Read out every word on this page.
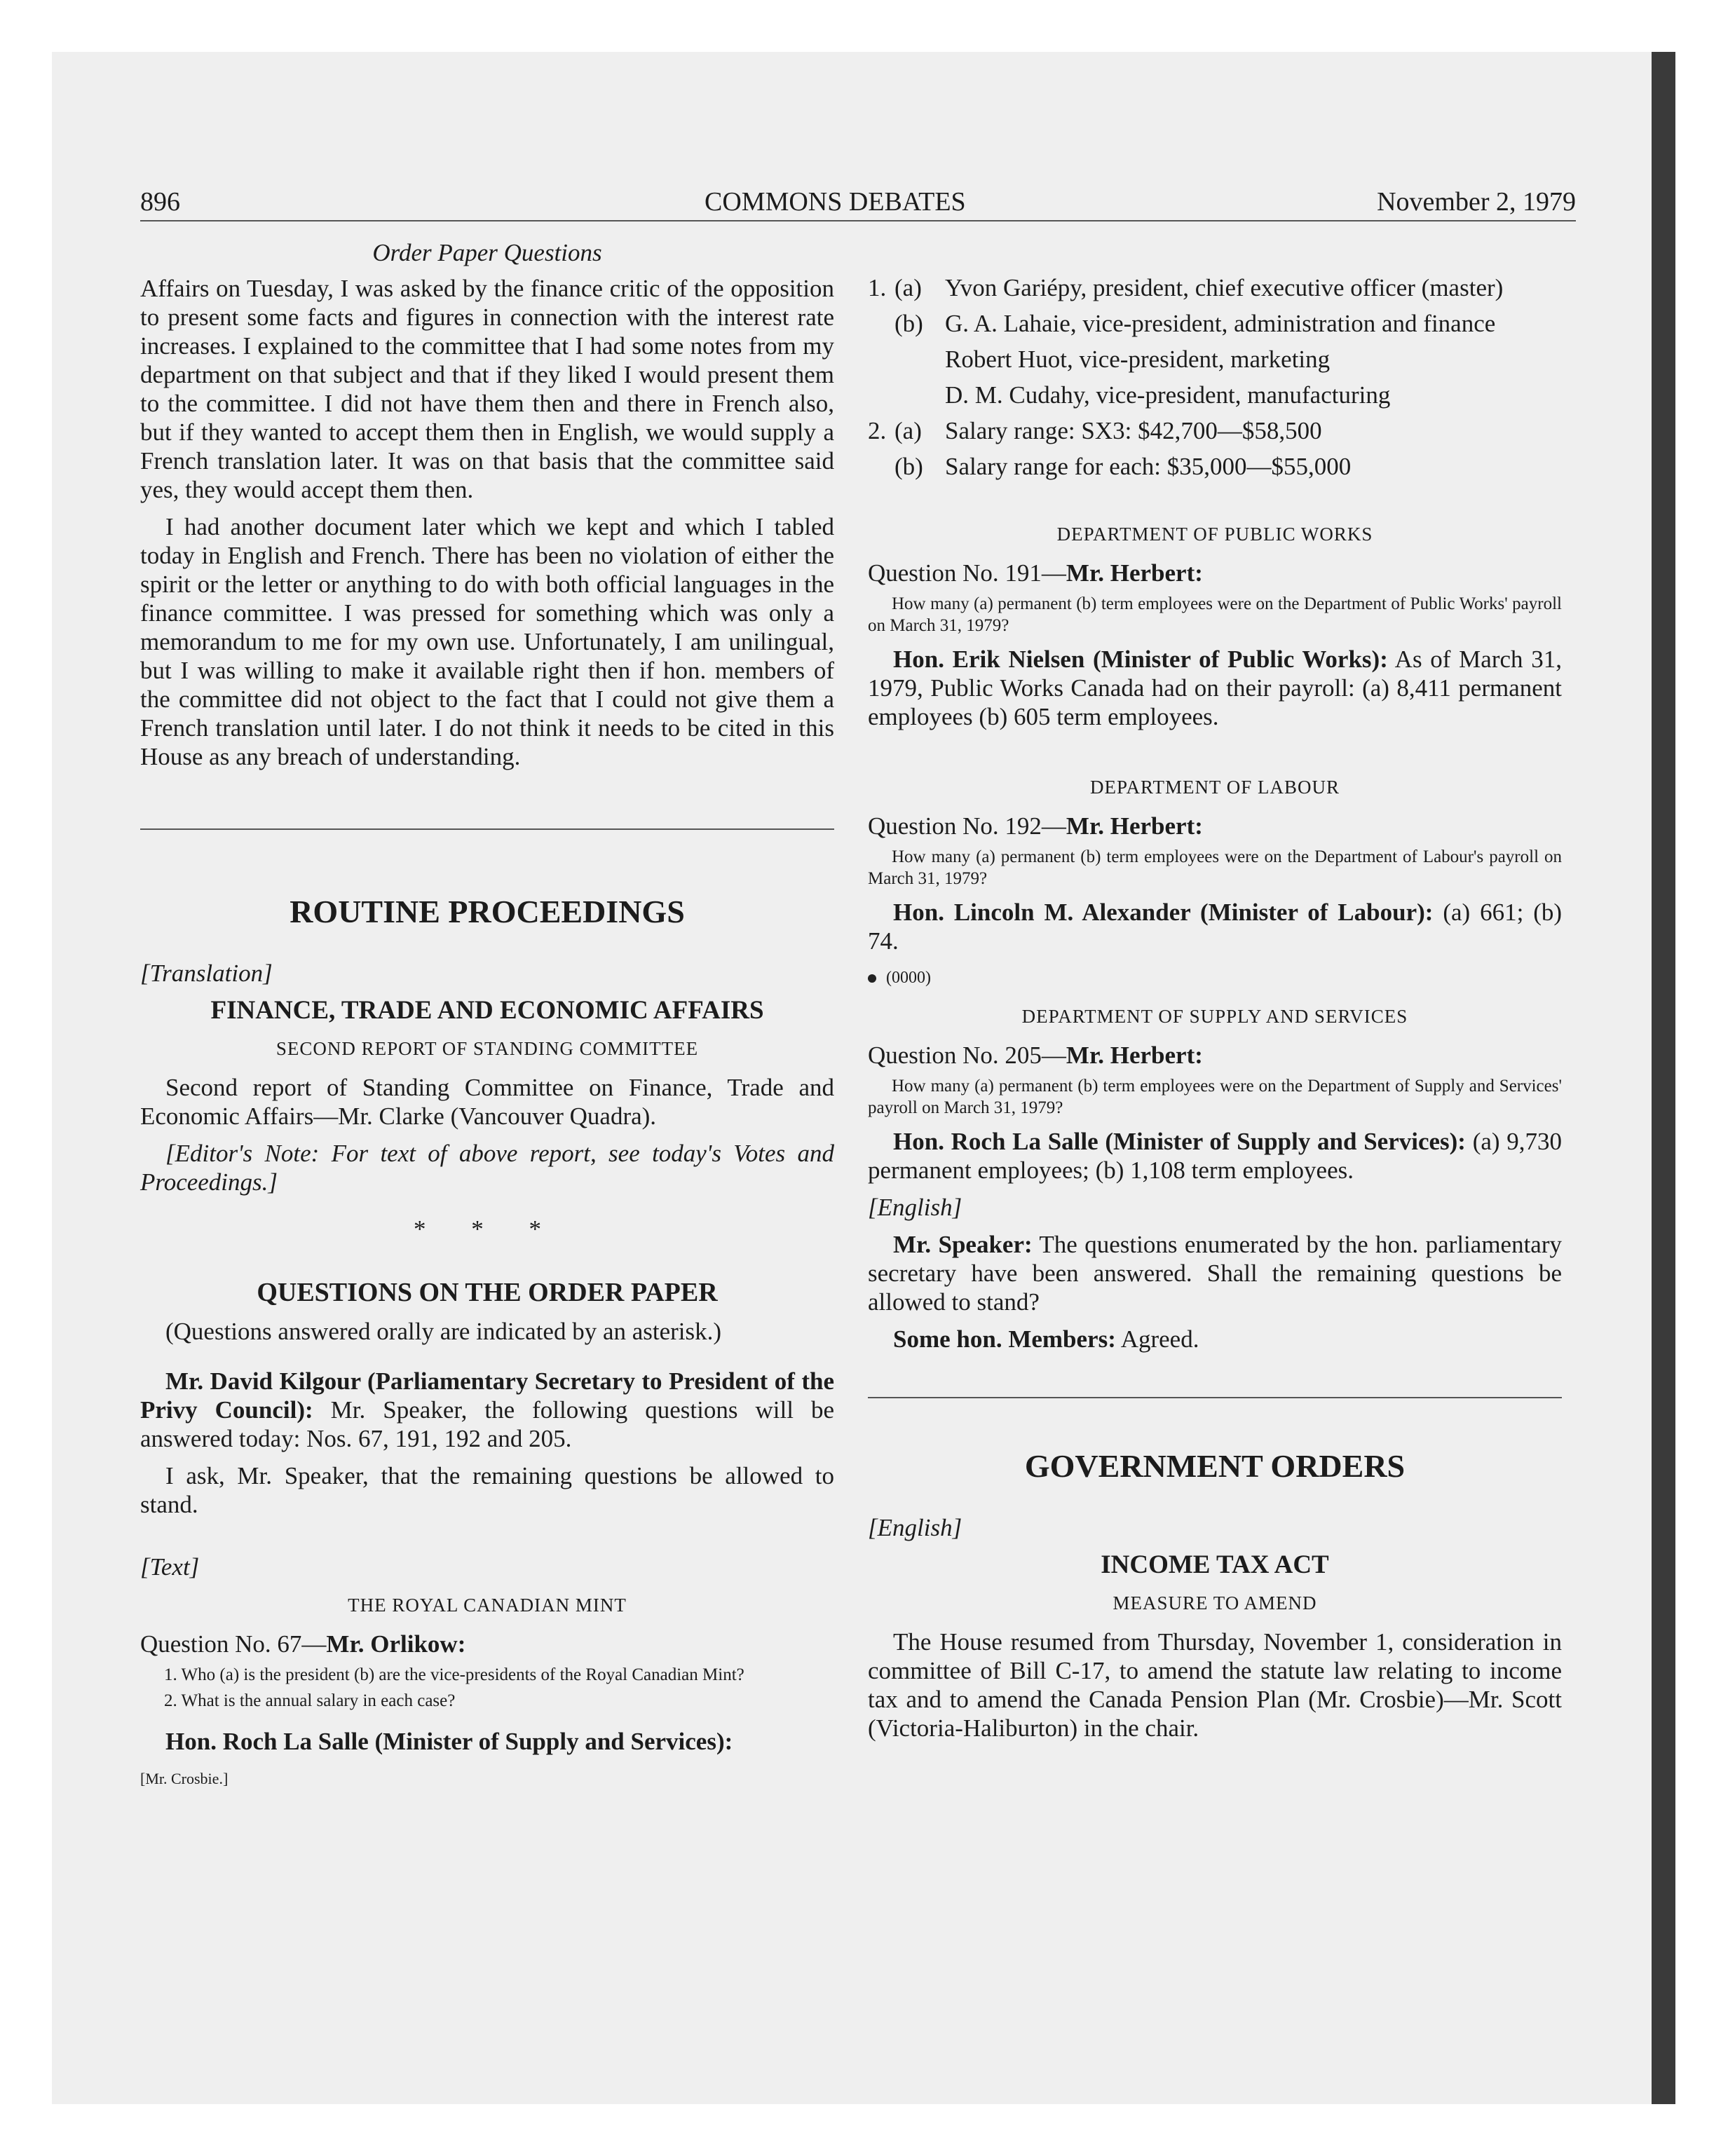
896	COMMONS DEBATES	November 2, 1979

Order Paper Questions

Affairs on Tuesday, I was asked by the finance critic of the opposition to present some facts and figures in connection with the interest rate increases. I explained to the committee that I had some notes from my department on that subject and that if they liked I would present them to the committee. I did not have them then and there in French also, but if they wanted to accept them then in English, we would supply a French translation later. It was on that basis that the committee said yes, they would accept them then.

I had another document later which we kept and which I tabled today in English and French. There has been no violation of either the spirit or the letter or anything to do with both official languages in the finance committee. I was pressed for something which was only a memorandum to me for my own use. Unfortunately, I am unilingual, but I was willing to make it available right then if hon. members of the committee did not object to the fact that I could not give them a French translation until later. I do not think it needs to be cited in this House as any breach of understanding.

ROUTINE PROCEEDINGS

[Translation]

FINANCE, TRADE AND ECONOMIC AFFAIRS
SECOND REPORT OF STANDING COMMITTEE

Second report of Standing Committee on Finance, Trade and Economic Affairs—Mr. Clarke (Vancouver Quadra).

[Editor's Note: For text of above report, see today's Votes and Proceedings.]

* * *
QUESTIONS ON THE ORDER PAPER

(Questions answered orally are indicated by an asterisk.)

Mr. David Kilgour (Parliamentary Secretary to President of the Privy Council): Mr. Speaker, the following questions will be answered today: Nos. 67, 191, 192 and 205.

I ask, Mr. Speaker, that the remaining questions be allowed to stand.

[Text]

THE ROYAL CANADIAN MINT

Question No. 67—Mr. Orlikow:

1. Who (a) is the president (b) are the vice-presidents of the Royal Canadian Mint?

2. What is the annual salary in each case?

Hon. Roch La Salle (Minister of Supply and Services):

[Mr. Crosbie.]

1. (a) Yvon Gariépy, president, chief executive officer (master)
(b) G. A. Lahaie, vice-president, administration and finance
Robert Huot, vice-president, marketing
D. M. Cudahy, vice-president, manufacturing
2. (a) Salary range: SX3: $42,700—$58,500
(b) Salary range for each: $35,000—$55,000
DEPARTMENT OF PUBLIC WORKS

Question No. 191—Mr. Herbert:

How many (a) permanent (b) term employees were on the Department of Public Works' payroll on March 31, 1979?

Hon. Erik Nielsen (Minister of Public Works): As of March 31, 1979, Public Works Canada had on their payroll: (a) 8,411 permanent employees (b) 605 term employees.

DEPARTMENT OF LABOUR

Question No. 192—Mr. Herbert:

How many (a) permanent (b) term employees were on the Department of Labour's payroll on March 31, 1979?

Hon. Lincoln M. Alexander (Minister of Labour): (a) 661; (b) 74.

(0000)
DEPARTMENT OF SUPPLY AND SERVICES

Question No. 205—Mr. Herbert:

How many (a) permanent (b) term employees were on the Department of Supply and Services' payroll on March 31, 1979?

Hon. Roch La Salle (Minister of Supply and Services): (a) 9,730 permanent employees; (b) 1,108 term employees.

[English]

Mr. Speaker: The questions enumerated by the hon. parliamentary secretary have been answered. Shall the remaining questions be allowed to stand?

Some hon. Members: Agreed.

GOVERNMENT ORDERS

[English]

INCOME TAX ACT
MEASURE TO AMEND

The House resumed from Thursday, November 1, consideration in committee of Bill C-17, to amend the statute law relating to income tax and to amend the Canada Pension Plan (Mr. Crosbie)—Mr. Scott (Victoria-Haliburton) in the chair.
